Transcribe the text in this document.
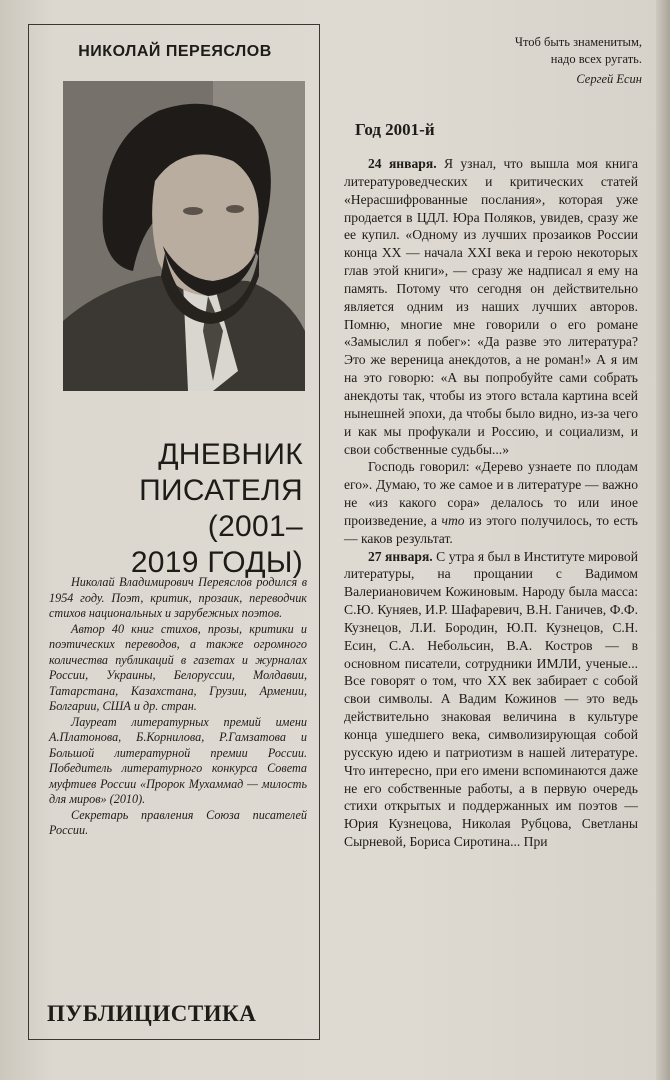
НИКОЛАЙ ПЕРЕЯСЛОВ
ДНЕВНИК
ПИСАТЕЛЯ (2001–
2019 ГОДЫ)

Николай Владимирович Переяслов родился в 1954 году. Поэт, критик, прозаик, переводчик стихов национальных и зарубежных поэтов.

Автор 40 книг стихов, прозы, критики и поэтических переводов, а также огромного количества публикаций в газетах и журналах России, Украины, Белоруссии, Молдавии, Татарстана, Казахстана, Грузии, Армении, Болгарии, США и др. стран.

Лауреат литературных премий имени А.Платонова, Б.Корнилова, Р.Гамзатова и Большой литературной премии России. Победитель литературного конкурса Совета муфтиев России «Пророк Мухаммад — милость для миров» (2010).

Секретарь правления Союза писателей России.

ПУБЛИЦИСТИКА
Чтоб быть знаменитым,
надо всех ругать.
Сергей Есин
Год 2001-й

24 января. Я узнал, что вышла моя книга литературоведческих и критических статей «Нерасшифрованные послания», которая уже продается в ЦДЛ. Юра Поляков, увидев, сразу же ее купил. «Одному из лучших прозаиков России конца XX — начала XXI века и герою некоторых глав этой книги», — сразу же надписал я ему на память. Потому что сегодня он действительно является одним из наших лучших авторов. Помню, многие мне говорили о его романе «Замыслил я побег»: «Да разве это литература? Это же вереница анекдотов, а не роман!» А я им на это говорю: «А вы попробуйте сами собрать анекдоты так, чтобы из этого встала картина всей нынешней эпохи, да чтобы было видно, из-за чего и как мы профукали и Россию, и социализм, и свои собственные судьбы...»

Господь говорил: «Дерево узнаете по плодам его». Думаю, то же самое и в литературе — важно не «из какого сора» делалось то или иное произведение, а что из этого получилось, то есть — каков результат.

27 января. С утра я был в Институте мировой литературы, на прощании с Вадимом Валериановичем Кожиновым. Народу была масса: С.Ю. Куняев, И.Р. Шафаревич, В.Н. Ганичев, Ф.Ф. Кузнецов, Л.И. Бородин, Ю.П. Кузнецов, С.Н. Есин, С.А. Небольсин, В.А. Костров — в основном писатели, сотрудники ИМЛИ, ученые... Все говорят о том, что XX век забирает с собой свои символы. А Вадим Кожинов — это ведь действительно знаковая величина в культуре конца ушедшего века, символизирующая собой русскую идею и патриотизм в нашей литературе. Что интересно, при его имени вспоминаются даже не его собственные работы, а в первую очередь стихи открытых и поддержанных им поэтов — Юрия Кузнецова, Николая Рубцова, Светланы Сырневой, Бориса Сиротина... При
